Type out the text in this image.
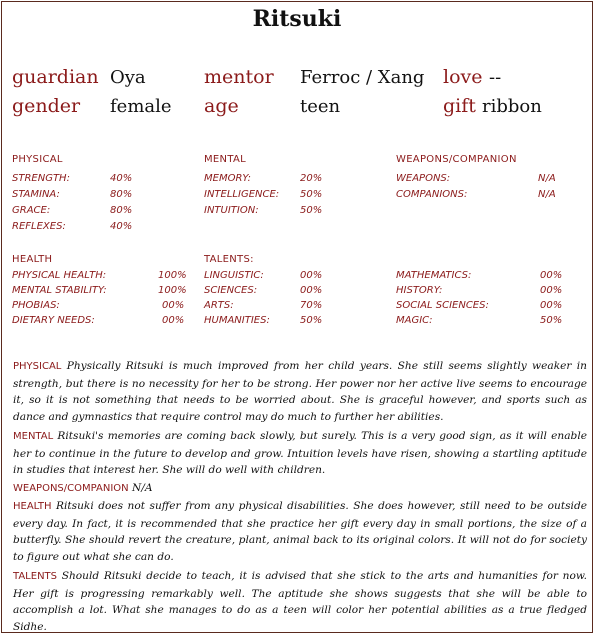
Ritsuki
guardian Oya	mentor Ferroc / Xang love --
gender female age	teen	gift ribbon
PHYSICAL
STRENGTH:	40%
STAMINA:	80%
GRACE:	80%
REFLEXES:	40%
MENTAL
MEMORY:	20%
INTELLIGENCE: 50%
INTUITION:	50%
WEAPONS/COMPANION
WEAPONS:	N/A
COMPANIONS:	N/A
HEALTH
PHYSICAL HEALTH:	100%
MENTAL STABILITY:	100%
PHOBIAS:	00%
DIETARY NEEDS:	00%
TALENTS:
LINGUISTIC:	00%
SCIENCES:	00%
ARTS:	70%
HUMANITIES:	50%
MATHEMATICS:	00%
HISTORY:	00%
SOCIAL SCIENCES:	00%
MAGIC:	50%
PHYSICAL Physically Ritsuki is much improved from her child years. She still seems slightly weaker in strength, but there is no necessity for her to be strong. Her power nor her active live seems to encourage it, so it is not something that needs to be worried about. She is graceful however, and sports such as dance and gymnastics that require control may do much to further her abilities.
MENTAL Ritsuki's memories are coming back slowly, but surely. This is a very good sign, as it will enable her to continue in the future to develop and grow. Intuition levels have risen, showing a startling aptitude in studies that interest her. She will do well with children.
WEAPONS/COMPANION N/A
HEALTH Ritsuki does not suffer from any physical disabilities. She does however, still need to be outside every day. In fact, it is recommended that she practice her gift every day in small portions, the size of a butterfly. She should revert the creature, plant, animal back to its original colors. It will not do for society to figure out what she can do.
TALENTS Should Ritsuki decide to teach, it is advised that she stick to the arts and humanities for now. Her gift is progressing remarkably well. The aptitude she shows suggests that she will be able to accomplish a lot. What she manages to do as a teen will color her potential abilities as a true fledged Sidhe.
